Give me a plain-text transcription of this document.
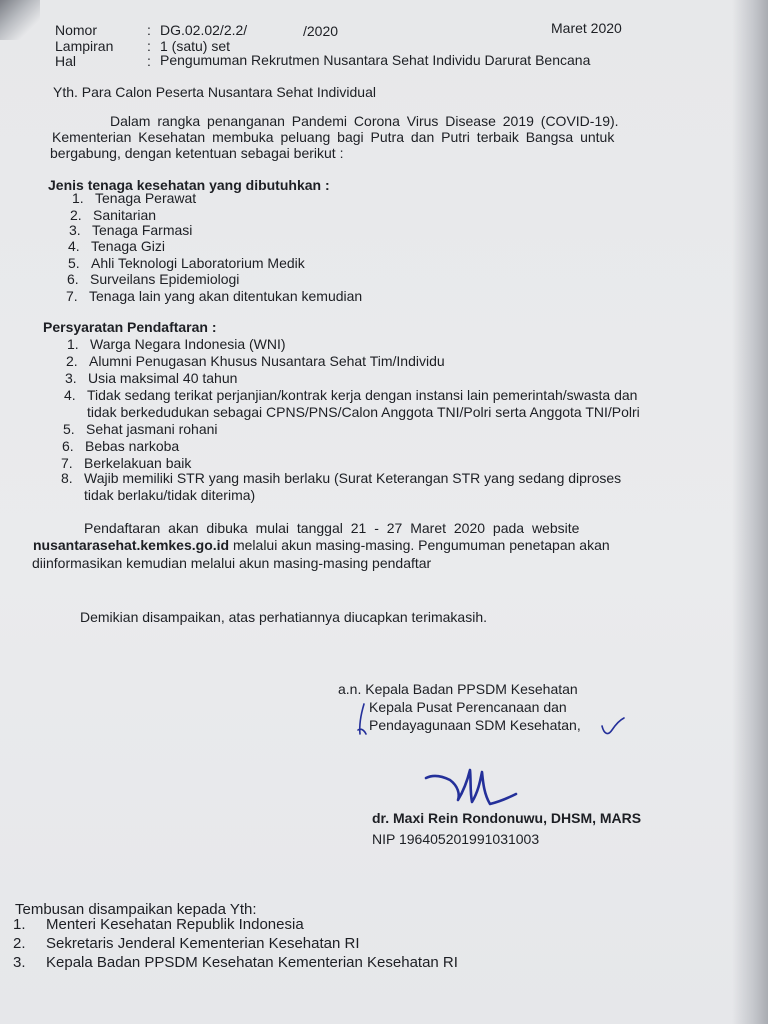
Nomor	: DG.02.02/2.2/	/2020	Maret 2020
Lampiran : 1 (satu) set
Hal	: Pengumuman Rekrutmen Nusantara Sehat Individu Darurat Bencana
Yth. Para Calon Peserta Nusantara Sehat Individual
Dalam rangka penanganan Pandemi Corona Virus Disease 2019 (COVID-19).
Kementerian Kesehatan membuka peluang bagi Putra dan Putri terbaik Bangsa untuk
bergabung, dengan ketentuan sebagai berikut :
Jenis tenaga kesehatan yang dibutuhkan :
1. Tenaga Perawat
2. Sanitarian
3. Tenaga Farmasi
4. Tenaga Gizi
5. Ahli Teknologi Laboratorium Medik
6. Surveilans Epidemiologi
7. Tenaga lain yang akan ditentukan kemudian
Persyaratan Pendaftaran :
1. Warga Negara Indonesia (WNI)
2. Alumni Penugasan Khusus Nusantara Sehat Tim/Individu
3. Usia maksimal 40 tahun
4. Tidak sedang terikat perjanjian/kontrak kerja dengan instansi lain pemerintah/swasta dan
tidak berkedudukan sebagai CPNS/PNS/Calon Anggota TNI/Polri serta Anggota TNI/Polri
5. Sehat jasmani rohani
6. Bebas narkoba
7. Berkelakuan baik
8. Wajib memiliki STR yang masih berlaku (Surat Keterangan STR yang sedang diproses
tidak berlaku/tidak diterima)
Pendaftaran akan dibuka mulai tanggal 21 - 27 Maret 2020 pada website
nusantarasehat.kemkes.go.id melalui akun masing-masing. Pengumuman penetapan akan
diinformasikan kemudian melalui akun masing-masing pendaftar
Demikian disampaikan, atas perhatiannya diucapkan terimakasih.
a.n. Kepala Badan PPSDM Kesehatan
Kepala Pusat Perencanaan dan
Pendayagunaan SDM Kesehatan,
dr. Maxi Rein Rondonuwu, DHSM, MARS
NIP 196405201991031003
Tembusan disampaikan kepada Yth:
1. Menteri Kesehatan Republik Indonesia
2. Sekretaris Jenderal Kementerian Kesehatan RI
3. Kepala Badan PPSDM Kesehatan Kementerian Kesehatan RI
